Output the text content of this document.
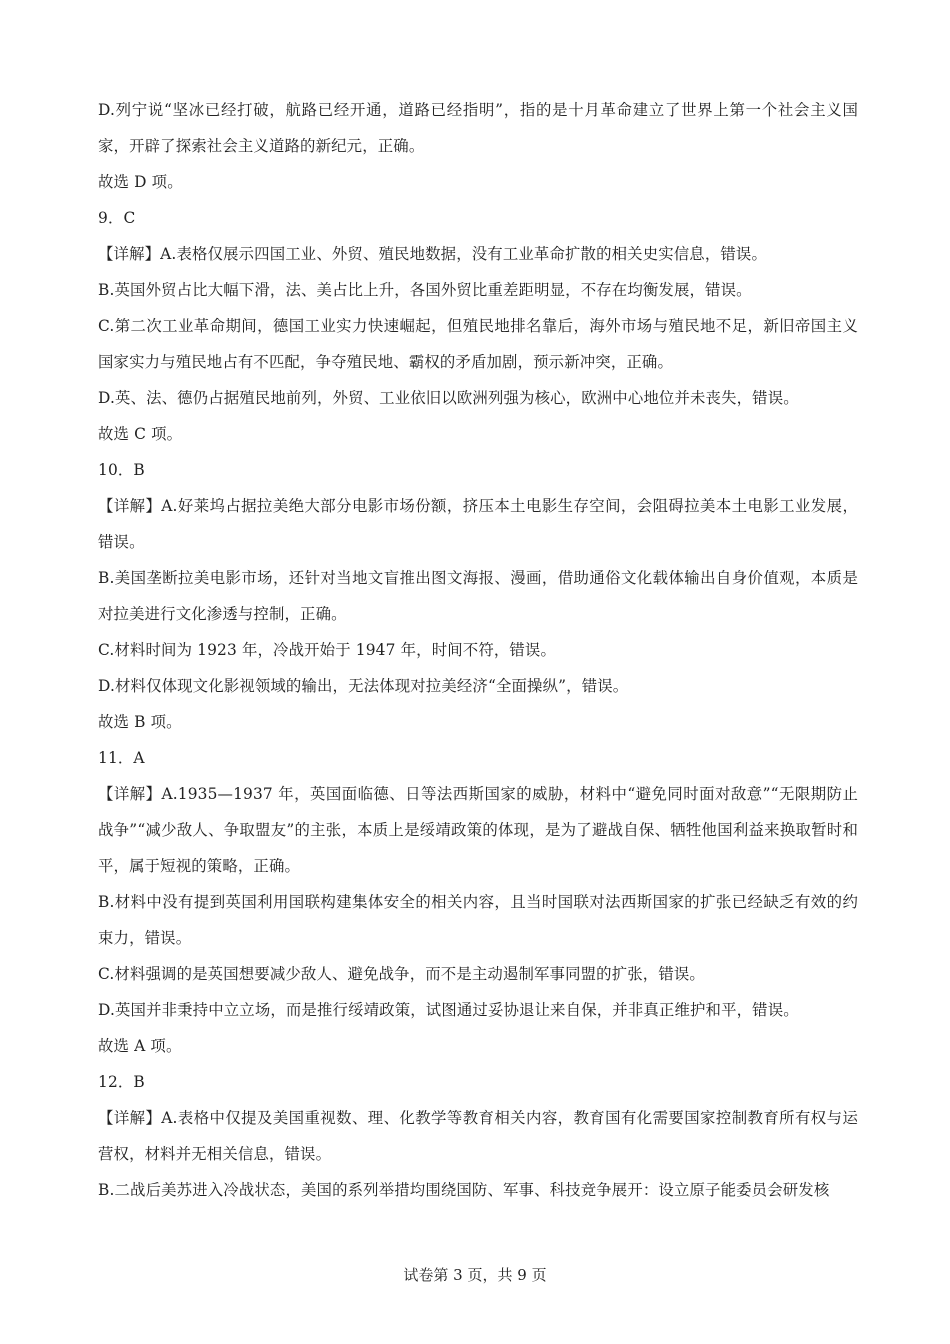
D.列宁说“坚冰已经打破，航路已经开通，道路已经指明”，指的是十月革命建立了世界上第一个社会主义国家，开辟了探索社会主义道路的新纪元，正确。

故选 D 项。

9．C

【详解】A.表格仅展示四国工业、外贸、殖民地数据，没有工业革命扩散的相关史实信息，错误。

B.英国外贸占比大幅下滑，法、美占比上升，各国外贸比重差距明显，不存在均衡发展，错误。

C.第二次工业革命期间，德国工业实力快速崛起，但殖民地排名靠后，海外市场与殖民地不足，新旧帝国主义国家实力与殖民地占有不匹配，争夺殖民地、霸权的矛盾加剧，预示新冲突，正确。

D.英、法、德仍占据殖民地前列，外贸、工业依旧以欧洲列强为核心，欧洲中心地位并未丧失，错误。

故选 C 项。

10．B

【详解】A.好莱坞占据拉美绝大部分电影市场份额，挤压本土电影生存空间，会阻碍拉美本土电影工业发展，错误。

B.美国垄断拉美电影市场，还针对当地文盲推出图文海报、漫画，借助通俗文化载体输出自身价值观，本质是对拉美进行文化渗透与控制，正确。

C.材料时间为 1923 年，冷战开始于 1947 年，时间不符，错误。

D.材料仅体现文化影视领域的输出，无法体现对拉美经济“全面操纵”，错误。

故选 B 项。

11．A

【详解】A.1935—1937 年，英国面临德、日等法西斯国家的威胁，材料中“避免同时面对敌意”“无限期防止战争”“减少敌人、争取盟友”的主张，本质上是绥靖政策的体现，是为了避战自保、牺牲他国利益来换取暂时和平，属于短视的策略，正确。

B.材料中没有提到英国利用国联构建集体安全的相关内容，且当时国联对法西斯国家的扩张已经缺乏有效的约束力，错误。

C.材料强调的是英国想要减少敌人、避免战争，而不是主动遏制军事同盟的扩张，错误。

D.英国并非秉持中立立场，而是推行绥靖政策，试图通过妥协退让来自保，并非真正维护和平，错误。

故选 A 项。

12．B

【详解】A.表格中仅提及美国重视数、理、化教学等教育相关内容，教育国有化需要国家控制教育所有权与运营权，材料并无相关信息，错误。

B.二战后美苏进入冷战状态，美国的系列举措均围绕国防、军事、科技竞争展开：设立原子能委员会研发核

试卷第 3 页，共 9 页
